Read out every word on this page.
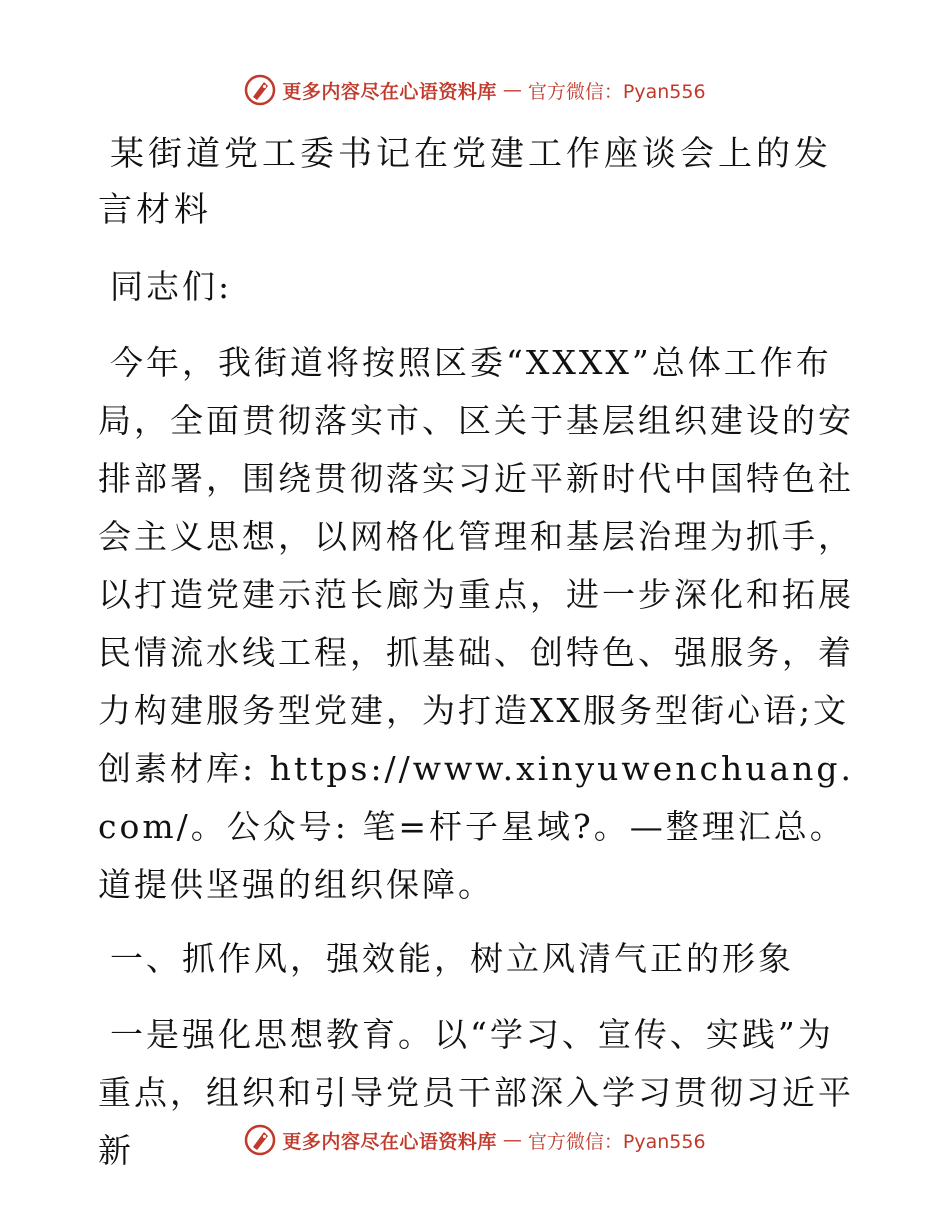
更多内容尽在心语资料库 — 官方微信：Pyan556
某街道党工委书记在党建工作座谈会上的发言材料

同志们:

今年，我街道将按照区委“XXXX”总体工作布局，全面贯彻落实市、区关于基层组织建设的安排部署，围绕贯彻落实习近平新时代中国特色社会主义思想，以网格化管理和基层治理为抓手，以打造党建示范长廊为重点，进一步深化和拓展民情流水线工程，抓基础、创特色、强服务，着力构建服务型党建，为打造XX服务型街心语;文创素材库: https://www.xinyuwenchuang.com/。公众号: 笔=杆子星域?。—整理汇总。道提供坚强的组织保障。

一、抓作风，强效能，树立风清气正的形象

一是强化思想教育。以“学习、宣传、实践”为重点，组织和引导党员干部深入学习贯彻习近平新	更多内容尽在心语资料库 — 官方微信：Pyan556
